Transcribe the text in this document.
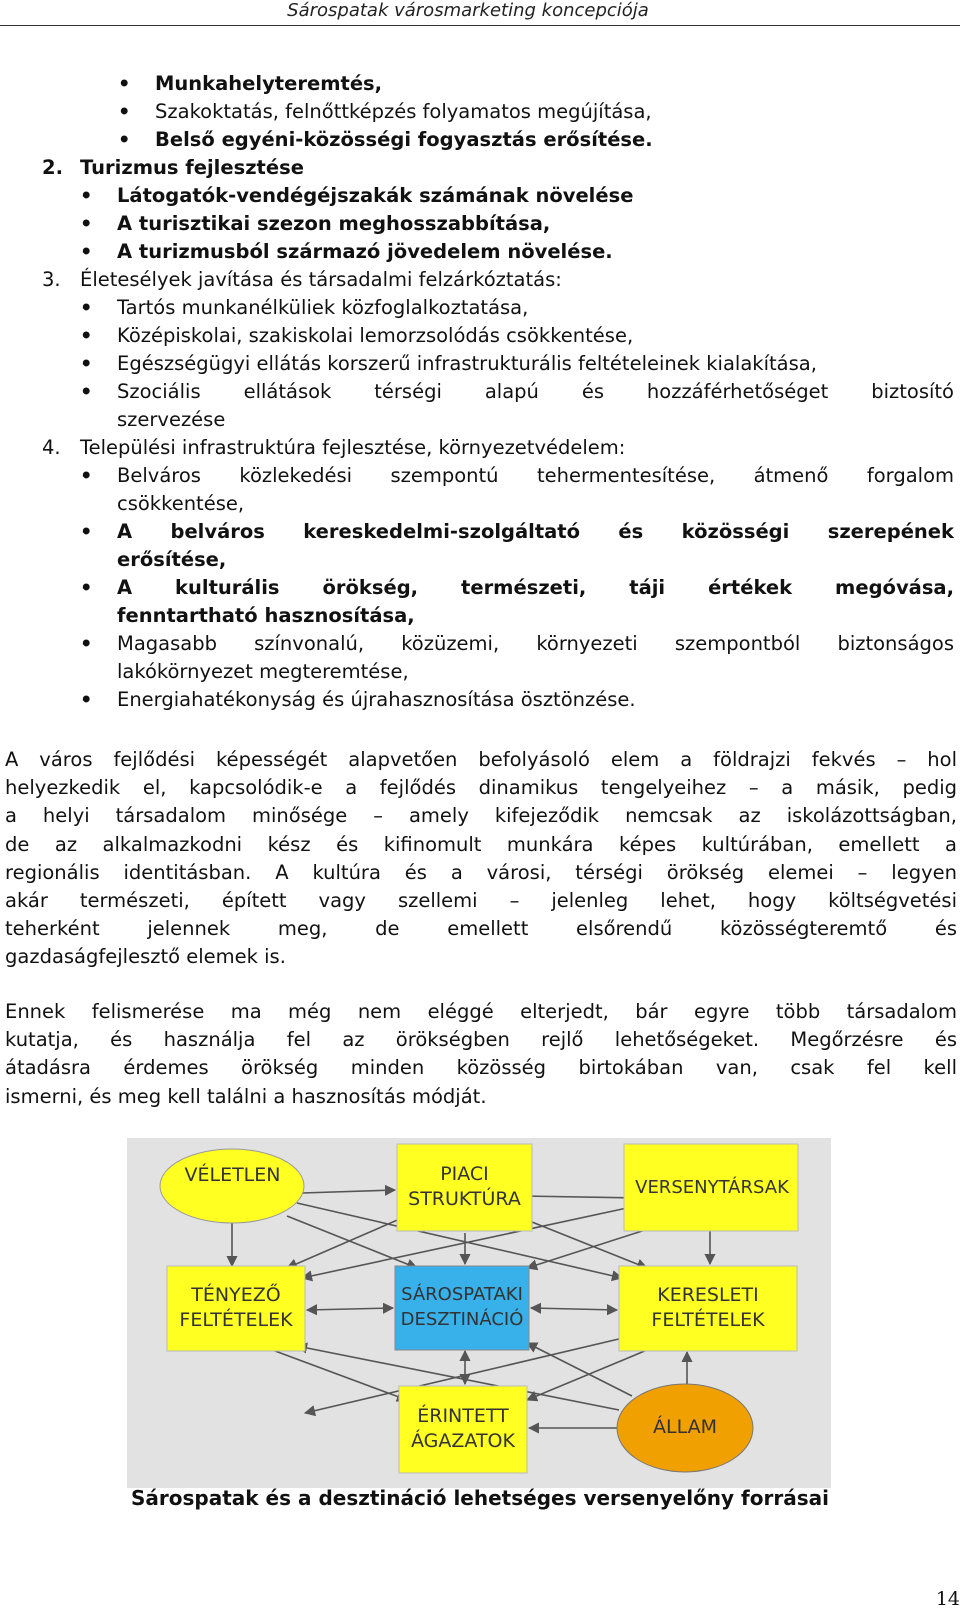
Sárospatak városmarketing koncepciója
• Munkahelyteremtés,
• Szakoktatás, felnőttképzés folyamatos megújítása,
• Belső egyéni-közösségi fogyasztás erősítése.
2. Turizmus fejlesztése
• Látogatók-vendégéjszakák számának növelése
• A turisztikai szezon meghosszabbítása,
• A turizmusból származó jövedelem növelése.
3. Életesélyek javítása és társadalmi felzárkóztatás:
• Tartós munkanélküliek közfoglalkoztatása,
• Középiskolai, szakiskolai lemorzsolódás csökkentése,
• Egészségügyi ellátás korszerű infrastrukturális feltételeinek kialakítása,
• Szociális ellátások térségi alapú és hozzáférhetőséget biztosító
szervezése
4. Települési infrastruktúra fejlesztése, környezetvédelem:
• Belváros közlekedési szempontú tehermentesítése, átmenő forgalom
csökkentése,
• A belváros kereskedelmi-szolgáltató és közösségi szerepének
erősítése,
• A kulturális örökség, természeti, táji értékek megóvása,
fenntartható hasznosítása,
• Magasabb színvonalú, közüzemi, környezeti szempontból biztonságos
lakókörnyezet megteremtése,
• Energiahatékonyság és újrahasznosítása ösztönzése.
A város fejlődési képességét alapvetően befolyásoló elem a földrajzi fekvés – hol
helyezkedik el, kapcsolódik-e a fejlődés dinamikus tengelyeihez – a másik, pedig
a helyi társadalom minősége – amely kifejeződik nemcsak az iskolázottságban,
de az alkalmazkodni kész és kifinomult munkára képes kultúrában, emellett a
regionális identitásban. A kultúra és a városi, térségi örökség elemei – legyen
akár természeti, épített vagy szellemi – jelenleg lehet, hogy költségvetési
teherként jelennek meg, de emellett elsőrendű közösségteremtő és
gazdaságfejlesztő elemek is.
Ennek felismerése ma még nem eléggé elterjedt, bár egyre több társadalom
kutatja, és használja fel az örökségben rejlő lehetőségeket. Megőrzésre és
átadásra érdemes örökség minden közösség birtokában van, csak fel kell
ismerni, és meg kell találni a hasznosítás módját.
VÉLETLEN	PIACI
STRUKTÚRA
VERSENYTÁRSAK
TÉNYEZŐ
FELTÉTELEK
SÁROSPATAKI
DESZTINÁCIÓ
KERESLETI
FELTÉTELEK
ÉRINTETT
ÁGAZATOK
ÁLLAM
Sárospatak és a desztináció lehetséges versenyelőny forrásai
14
